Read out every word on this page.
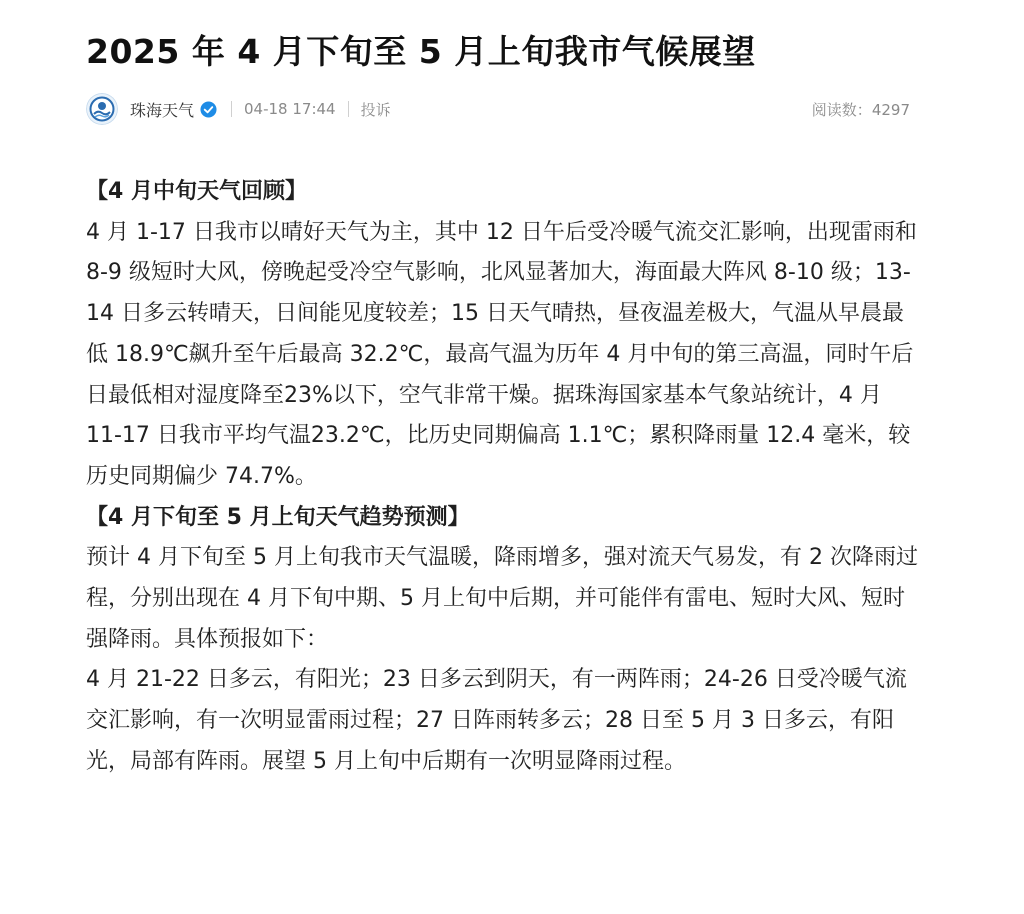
2025 年 4 月下旬至 5 月上旬我市气候展望
珠海天气	04-18 17:44 投诉	阅读数：4297

【4 月中旬天气回顾】

4 月 1-17 日我市以晴好天气为主，其中 12 日午后受冷暖气流交汇影响，出现雷雨和 8-9 级短时大风，傍晚起受冷空气影响，北风显著加大，海面最大阵风 8-10 级；13-14 日多云转晴天，日间能见度较差；15 日天气晴热，昼夜温差极大，气温从早晨最低 18.9℃飙升至午后最高 32.2℃，最高气温为历年 4 月中旬的第三高温，同时午后日最低相对湿度降至23%以下，空气非常干燥。据珠海国家基本气象站统计，4 月 11-17 日我市平均气温23.2℃，比历史同期偏高 1.1℃；累积降雨量 12.4 毫米，较历史同期偏少 74.7%。

【4 月下旬至 5 月上旬天气趋势预测】

预计 4 月下旬至 5 月上旬我市天气温暖，降雨增多，强对流天气易发，有 2 次降雨过程，分别出现在 4 月下旬中期、5 月上旬中后期，并可能伴有雷电、短时大风、短时强降雨。具体预报如下：

4 月 21-22 日多云，有阳光；23 日多云到阴天，有一两阵雨；24-26 日受冷暖气流交汇影响，有一次明显雷雨过程；27 日阵雨转多云；28 日至 5 月 3 日多云，有阳光，局部有阵雨。展望 5 月上旬中后期有一次明显降雨过程。
